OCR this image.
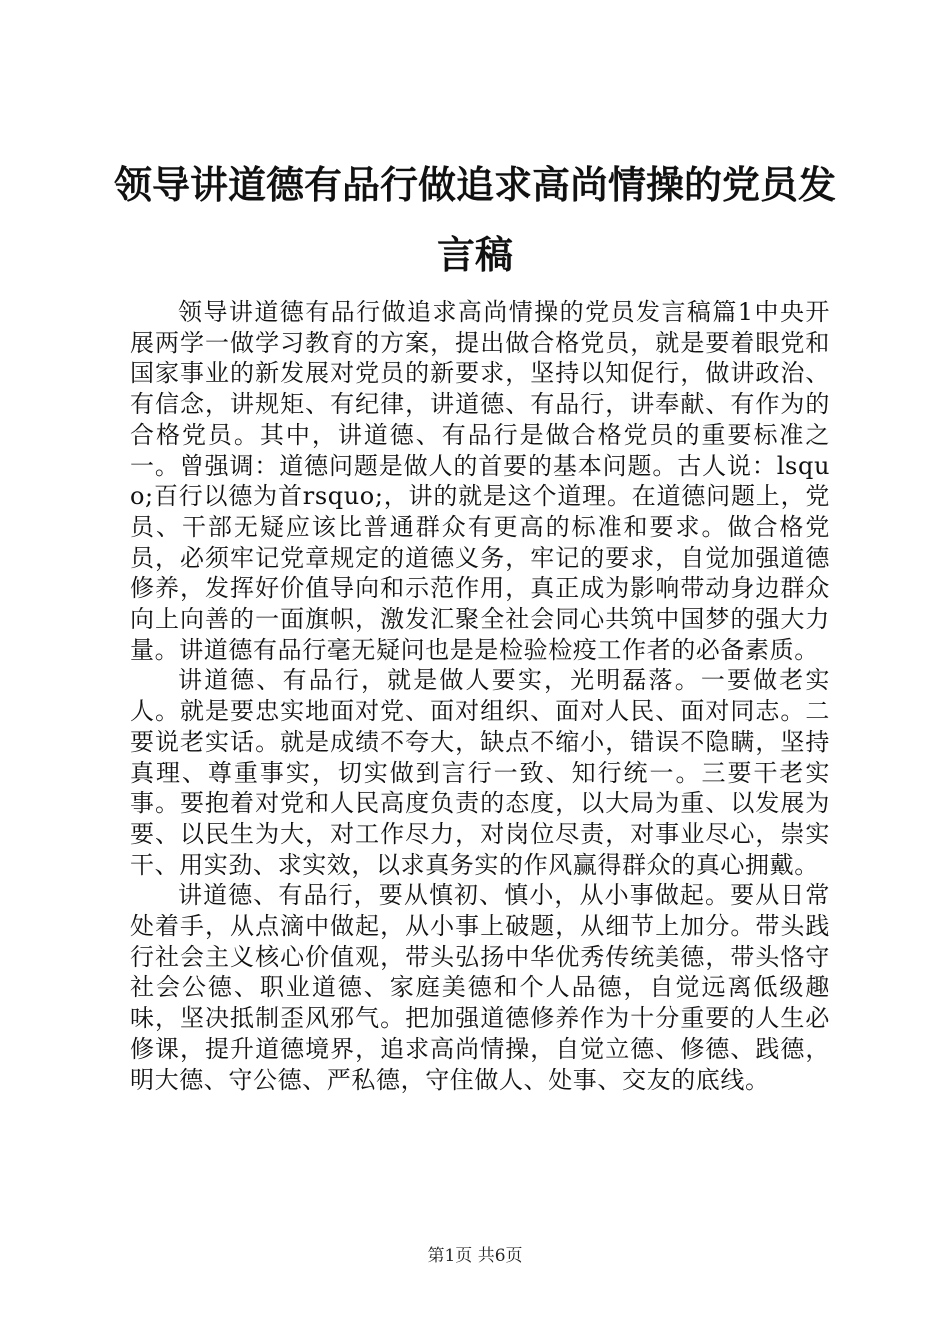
领导讲道德有品行做追求高尚情操的党员发言稿

领导讲道德有品行做追求高尚情操的党员发言稿篇1中央开展两学一做学习教育的方案，提出做合格党员，就是要着眼党和国家事业的新发展对党员的新要求，坚持以知促行，做讲政治、有信念，讲规矩、有纪律，讲道德、有品行，讲奉献、有作为的合格党员。其中，讲道德、有品行是做合格党员的重要标准之一。曾强调：道德问题是做人的首要的基本问题。古人说：lsquo;百行以德为首rsquo;，讲的就是这个道理。在道德问题上，党员、干部无疑应该比普通群众有更高的标准和要求。做合格党员，必须牢记党章规定的道德义务，牢记的要求，自觉加强道德修养，发挥好价值导向和示范作用，真正成为影响带动身边群众向上向善的一面旗帜，激发汇聚全社会同心共筑中国梦的强大力量。讲道德有品行毫无疑问也是是检验检疫工作者的必备素质。

讲道德、有品行，就是做人要实，光明磊落。一要做老实人。就是要忠实地面对党、面对组织、面对人民、面对同志。二要说老实话。就是成绩不夸大，缺点不缩小，错误不隐瞒，坚持真理、尊重事实，切实做到言行一致、知行统一。三要干老实事。要抱着对党和人民高度负责的态度，以大局为重、以发展为要、以民生为大，对工作尽力，对岗位尽责，对事业尽心，崇实干、用实劲、求实效，以求真务实的作风赢得群众的真心拥戴。

讲道德、有品行，要从慎初、慎小，从小事做起。要从日常处着手，从点滴中做起，从小事上破题，从细节上加分。带头践行社会主义核心价值观，带头弘扬中华优秀传统美德，带头恪守社会公德、职业道德、家庭美德和个人品德，自觉远离低级趣味，坚决抵制歪风邪气。把加强道德修养作为十分重要的人生必修课，提升道德境界，追求高尚情操，自觉立德、修德、践德，明大德、守公德、严私德，守住做人、处事、交友的底线。

第1页 共6页
